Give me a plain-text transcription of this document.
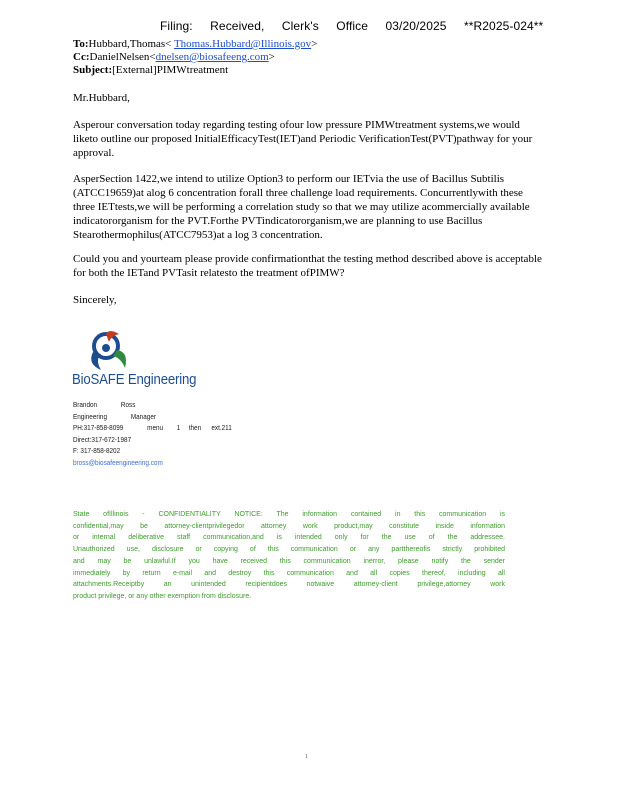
Filing: Received, Clerk's Office 03/20/2025 **R2025-024**
To:Hubbard,Thomas< Thomas.Hubbard@Illinois.gov>
Cc:DanielNelsen<dnelsen@biosafeeng.com>
Subject:[External]PIMWtreatment
Mr.Hubbard,
Asperour conversation today regarding testing ofour low pressure PIMWtreatment systems,we would liketo outline our proposed InitialEfficacyTest(IET)and Periodic VerificationTest(PVT)pathway for your approval.
AsperSection 1422,we intend to utilize Option3 to perform our IETvia the use of Bacillus Subtilis (ATCC19659)at alog 6 concentration forall three challenge load requirements. Concurrentlywith these three IETtests,we will be performing a correlation study so that we may utilize acommercially available indicatororganism for the PVT.Forthe PVTindicatororganism,we are planning to use Bacillus Stearothermophilus(ATCC7953)at a log 3 concentration.
Could you and yourteam please provide confirmationthat the testing method described above is acceptable for both the IETand PVTasit relatesto the treatment ofPIMW?
Sincerely,
BioSAFE Engineering
Brandon	Ross
Engineering	Manager
PH:317-858-8099	menu 1 then ext.211
Direct:317-672-1987
F: 317-858-8202
bross@biosafeengineering.com
State ofIllinois - CONFIDENTIALITY NOTICE: The information contained in this communication is
confidential,may be attorney-clientprivilegedor attorney work product,may constitute inside information
or internal deliberative staff communication,and is intended only for the use of the addressee.
Unauthorized use, disclosure or copying of this communication or any partthereofis strictly prohibited
and may be unlawful.If you have received this communication inerror, please notify the sender
immediately by return e-mail and destroy this communication and all copies thereof, including all
attachments.Receiptby an unintended recipientdoes notwaive attorney-client privilege,attorney work
product privilege, or any other exemption from disclosure.
1
